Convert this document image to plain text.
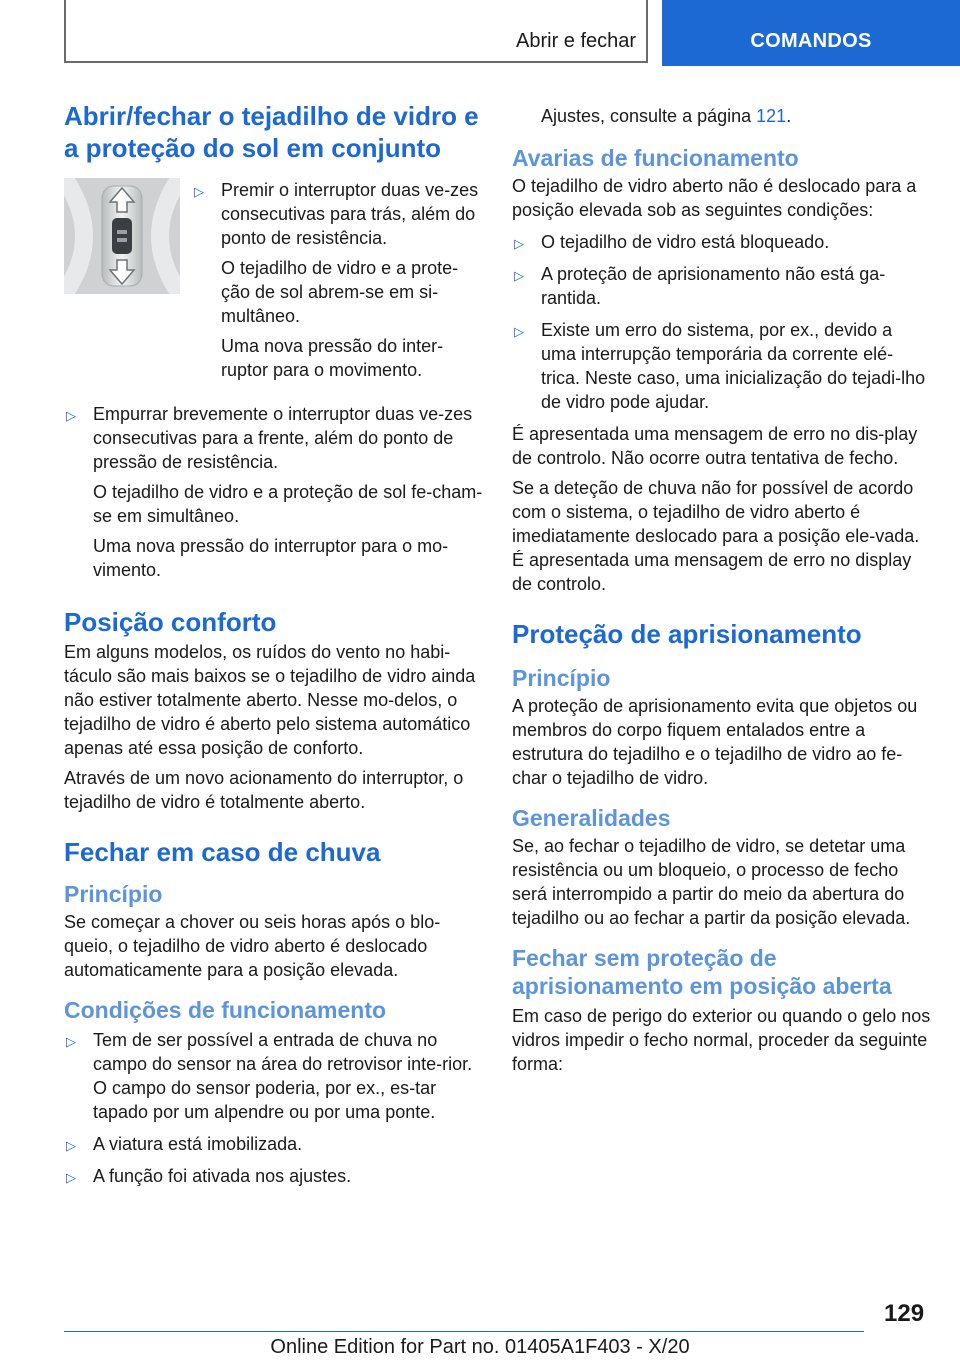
Abrir e fechar	COMANDOS
Abrir/fechar o tejadilho de vidro e a proteção do sol em conjunto
▷ Premir o interruptor duas ve-zes consecutivas para trás, além do ponto de resistência.

O tejadilho de vidro e a prote-ção de sol abrem-se em si-multâneo.

Uma nova pressão do inter-ruptor para o movimento.

▷ Empurrar brevemente o interruptor duas ve-zes consecutivas para a frente, além do ponto de pressão de resistência.

O tejadilho de vidro e a proteção de sol fe-cham-se em simultâneo.

Uma nova pressão do interruptor para o mo-vimento.

Posição conforto

Em alguns modelos, os ruídos do vento no habi-táculo são mais baixos se o tejadilho de vidro ainda não estiver totalmente aberto. Nesse mo-delos, o tejadilho de vidro é aberto pelo sistema automático apenas até essa posição de conforto.

Através de um novo acionamento do interruptor, o tejadilho de vidro é totalmente aberto.

Fechar em caso de chuva
Princípio

Se começar a chover ou seis horas após o blo-queio, o tejadilho de vidro aberto é deslocado automaticamente para a posição elevada.

Condições de funcionamento
▷ Tem de ser possível a entrada de chuva no campo do sensor na área do retrovisor inte-rior. O campo do sensor poderia, por ex., es-tar tapado por um alpendre ou por uma ponte.
▷ A viatura está imobilizada.
▷ A função foi ativada nos ajustes.

Ajustes, consulte a página 121.

Avarias de funcionamento

O tejadilho de vidro aberto não é deslocado para a posição elevada sob as seguintes condições:

▷ O tejadilho de vidro está bloqueado.
▷ A proteção de aprisionamento não está ga-rantida.
▷ Existe um erro do sistema, por ex., devido a uma interrupção temporária da corrente elé-trica. Neste caso, uma inicialização do tejadi-lho de vidro pode ajudar.

É apresentada uma mensagem de erro no dis-play de controlo. Não ocorre outra tentativa de fecho.

Se a deteção de chuva não for possível de acordo com o sistema, o tejadilho de vidro aberto é imediatamente deslocado para a posição ele-vada. É apresentada uma mensagem de erro no display de controlo.

Proteção de aprisionamento
Princípio

A proteção de aprisionamento evita que objetos ou membros do corpo fiquem entalados entre a estrutura do tejadilho e o tejadilho de vidro ao fe-char o tejadilho de vidro.

Generalidades

Se, ao fechar o tejadilho de vidro, se detetar uma resistência ou um bloqueio, o processo de fecho será interrompido a partir do meio da abertura do tejadilho ou ao fechar a partir da posição elevada.

Fechar sem proteção de aprisionamento em posição aberta

Em caso de perigo do exterior ou quando o gelo nos vidros impedir o fecho normal, proceder da seguinte forma:

129
Online Edition for Part no. 01405A1F403 - X/20
